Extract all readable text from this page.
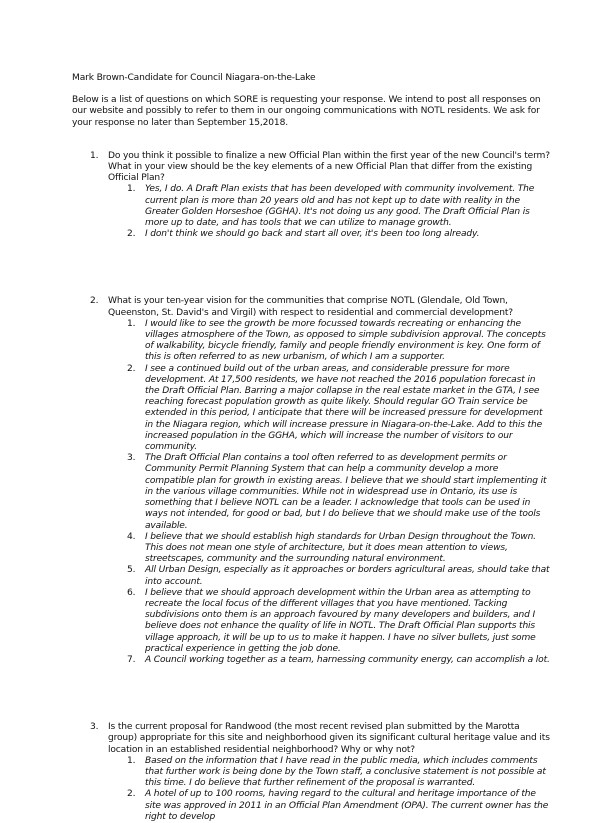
Mark Brown-Candidate for Council Niagara-on-the-Lake

Below is a list of questions on which SORE is requesting your response. We intend to post all responses on our website and possibly to refer to them in our ongoing communications with NOTL residents. We ask for your response no later than September 15,2018.

1. Do you think it possible to finalize a new Official Plan within the first year of the new Council's term? What in your view should be the key elements of a new Official Plan that differ from the existing Official Plan?
1. Yes, I do. A Draft Plan exists that has been developed with community involvement. The current plan is more than 20 years old and has not kept up to date with reality in the Greater Golden Horseshoe (GGHA). It's not doing us any good. The Draft Official Plan is more up to date, and has tools that we can utilize to manage growth.
2. I don't think we should go back and start all over, it's been too long already.
2. What is your ten-year vision for the communities that comprise NOTL (Glendale, Old Town, Queenston, St. David's and Virgil) with respect to residential and commercial development?
1. I would like to see the growth be more focussed towards recreating or enhancing the villages atmosphere of the Town, as opposed to simple subdivision approval. The concepts of walkability, bicycle friendly, family and people friendly environment is key. One form of this is often referred to as new urbanism, of which I am a supporter.
2. I see a continued build out of the urban areas, and considerable pressure for more development. At 17,500 residents, we have not reached the 2016 population forecast in the Draft Official Plan. Barring a major collapse in the real estate market in the GTA, I see reaching forecast population growth as quite likely. Should regular GO Train service be extended in this period, I anticipate that there will be increased pressure for development in the Niagara region, which will increase pressure in Niagara-on-the-Lake. Add to this the increased population in the GGHA, which will increase the number of visitors to our community.
3. The Draft Official Plan contains a tool often referred to as development permits or Community Permit Planning System that can help a community develop a more compatible plan for growth in existing areas. I believe that we should start implementing it in the various village communities. While not in widespread use in Ontario, its use is something that I believe NOTL can be a leader. I acknowledge that tools can be used in ways not intended, for good or bad, but I do believe that we should make use of the tools available.
4. I believe that we should establish high standards for Urban Design throughout the Town. This does not mean one style of architecture, but it does mean attention to views, streetscapes, community and the surrounding natural environment.
5. All Urban Design, especially as it approaches or borders agricultural areas, should take that into account.
6. I believe that we should approach development within the Urban area as attempting to recreate the local focus of the different villages that you have mentioned. Tacking subdivisions onto them is an approach favoured by many developers and builders, and I believe does not enhance the quality of life in NOTL. The Draft Official Plan supports this village approach, it will be up to us to make it happen. I have no silver bullets, just some practical experience in getting the job done.
7. A Council working together as a team, harnessing community energy, can accomplish a lot.
3. Is the current proposal for Randwood (the most recent revised plan submitted by the Marotta group) appropriate for this site and neighborhood given its significant cultural heritage value and its location in an established residential neighborhood? Why or why not?
1. Based on the information that I have read in the public media, which includes comments that further work is being done by the Town staff, a conclusive statement is not possible at this time. I do believe that further refinement of the proposal is warranted.
2. A hotel of up to 100 rooms, having regard to the cultural and heritage importance of the site was approved in 2011 in an Official Plan Amendment (OPA). The current owner has the right to develop
